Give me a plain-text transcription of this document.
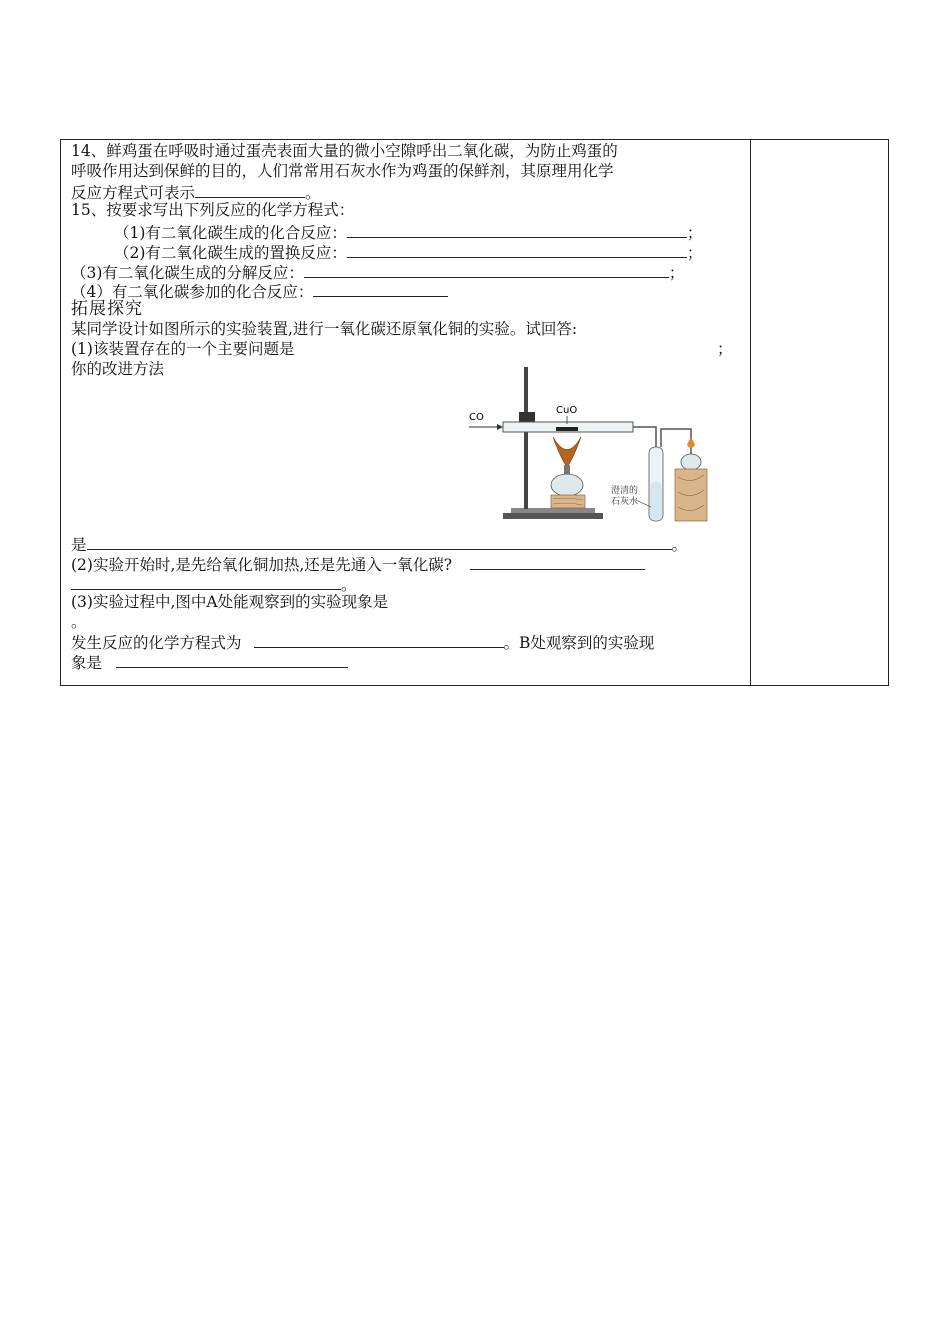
14、鲜鸡蛋在呼吸时通过蛋壳表面大量的微小空隙呼出二氧化碳，为防止鸡蛋的
呼吸作用达到保鲜的目的，人们常常用石灰水作为鸡蛋的保鲜剂，其原理用化学
反应方程式可表示	。
15、按要求写出下列反应的化学方程式：
（1)有二氧化碳生成的化合反应：	；
（2)有二氧化碳生成的置换反应：	；
（3)有二氧化碳生成的分解反应：	；
（4）有二氧化碳参加的化合反应：
拓展探究
某同学设计如图所示的实验装置,进行一氧化碳还原氧化铜的实验。试回答:
(1)该装置存在的一个主要问题是	；
你的改进方法
CO
CuO
澄清的
石灰水
是	。
(2)实验开始时,是先给氧化铜加热,还是先通入一氧化碳?
。
(3)实验过程中,图中A处能观察到的实验现象是
。
发生反应的化学方程式为	。B处观察到的实验现
象是
